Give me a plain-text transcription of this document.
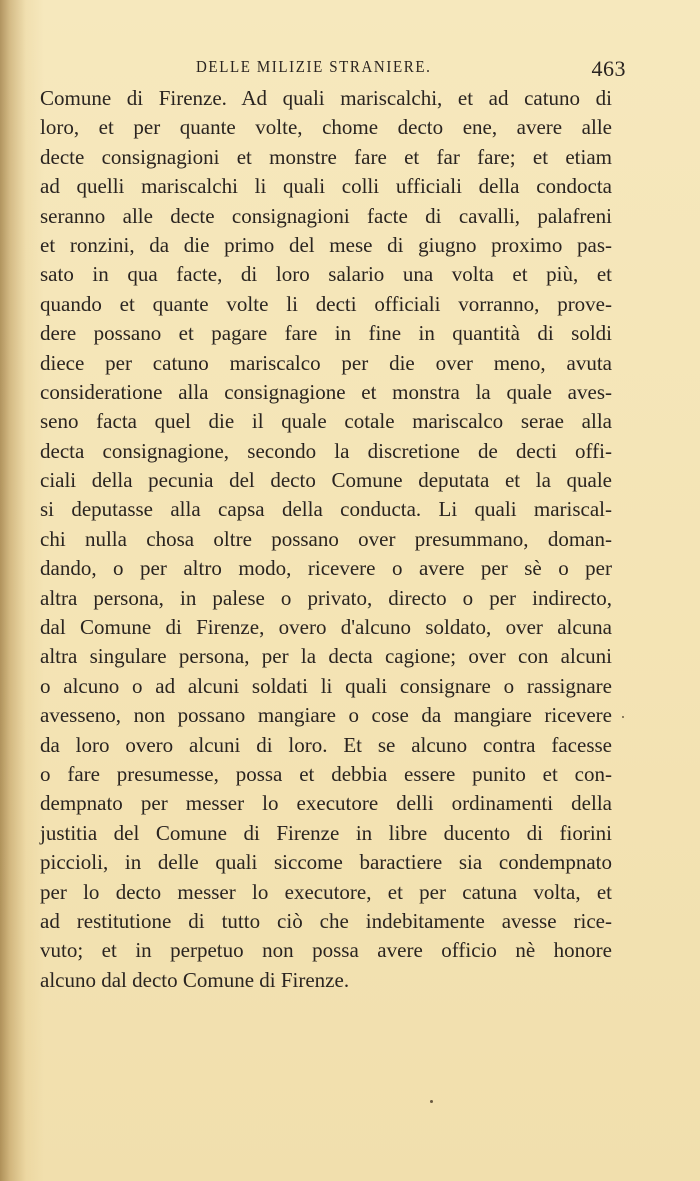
DELLE MILIZIE STRANIERE.	463
Comune di Firenze. Ad quali mariscalchi, et ad catuno di
loro, et per quante volte, chome decto ene, avere alle
decte consignagioni et monstre fare et far fare; et etiam
ad quelli mariscalchi li quali colli ufficiali della condocta
seranno alle decte consignagioni facte di cavalli, palafreni
et ronzini, da die primo del mese di giugno proximo pas-
sato in qua facte, di loro salario una volta et più, et
quando et quante volte li decti officiali vorranno, prove-
dere possano et pagare fare in fine in quantità di soldi
diece per catuno mariscalco per die over meno, avuta
consideratione alla consignagione et monstra la quale aves-
seno facta quel die il quale cotale mariscalco serae alla
decta consignagione, secondo la discretione de decti offi-
ciali della pecunia del decto Comune deputata et la quale
si deputasse alla capsa della conducta. Li quali mariscal-
chi nulla chosa oltre possano over presummano, doman-
dando, o per altro modo, ricevere o avere per sè o per
altra persona, in palese o privato, directo o per indirecto,
dal Comune di Firenze, overo d'alcuno soldato, over alcuna
altra singulare persona, per la decta cagione; over con alcuni
o alcuno o ad alcuni soldati li quali consignare o rassignare
avesseno, non possano mangiare o cose da mangiare ricevere
da loro overo alcuni di loro. Et se alcuno contra facesse
o fare presumesse, possa et debbia essere punito et con-
dempnato per messer lo executore delli ordinamenti della
justitia del Comune di Firenze in libre ducento di fiorini
piccioli, in delle quali siccome baractiere sia condempnato
per lo decto messer lo executore, et per catuna volta, et
ad restitutione di tutto ciò che indebitamente avesse rice-
vuto; et in perpetuo non possa avere officio nè honore
alcuno dal decto Comune di Firenze.
